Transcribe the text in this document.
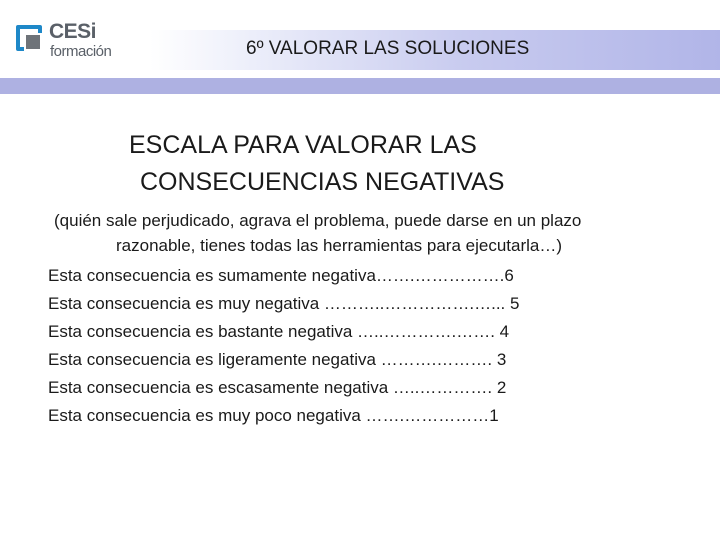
CESi
formación	6º VALORAR LAS SOLUCIONES
ESCALA PARA VALORAR LAS
CONSECUENCIAS NEGATIVAS
(quién sale perjudicado, agrava el problema, puede darse en un plazo
razonable, tienes todas las herramientas para ejecutarla…)
Esta consecuencia es sumamente negativa…….…………….6
Esta consecuencia es muy negativa ………..…………….…... 5
Esta consecuencia es bastante negativa …..………….……. 4
Esta consecuencia es ligeramente negativa ……….………. 3
Esta consecuencia es escasamente negativa …..…………. 2
Esta consecuencia es muy poco negativa …….……………1
